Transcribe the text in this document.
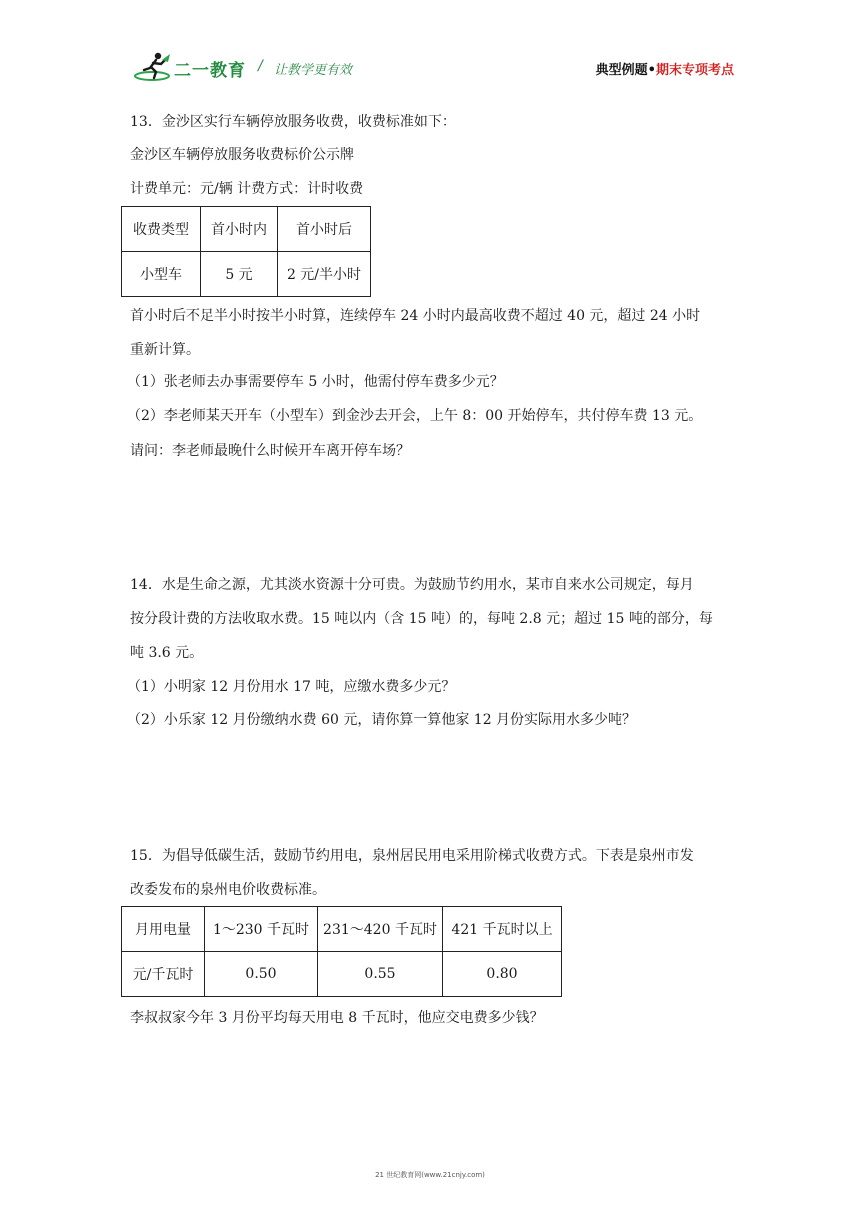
二一教育 / 让教学更有效	典型例题•期末专项考点
13．金沙区实行车辆停放服务收费，收费标准如下：
金沙区车辆停放服务收费标价公示牌
计费单元：元/辆 计费方式：计时收费
收费类型	首小时内	首小时后
小型车	5 元	2 元/半小时
首小时后不足半小时按半小时算，连续停车 24 小时内最高收费不超过 40 元，超过 24 小时
重新计算。
（1）张老师去办事需要停车 5 小时，他需付停车费多少元？
（2）李老师某天开车（小型车）到金沙去开会，上午 8：00 开始停车，共付停车费 13 元。
请问：李老师最晚什么时候开车离开停车场？
14．水是生命之源，尤其淡水资源十分可贵。为鼓励节约用水，某市自来水公司规定，每月
按分段计费的方法收取水费。15 吨以内（含 15 吨）的，每吨 2.8 元；超过 15 吨的部分，每
吨 3.6 元。
（1）小明家 12 月份用水 17 吨，应缴水费多少元？
（2）小乐家 12 月份缴纳水费 60 元，请你算一算他家 12 月份实际用水多少吨？
15．为倡导低碳生活，鼓励节约用电，泉州居民用电采用阶梯式收费方式。下表是泉州市发
改委发布的泉州电价收费标准。
月用电量	1～230 千瓦时	231～420 千瓦时	421 千瓦时以上
元/千瓦时	0.50	0.55	0.80
李叔叔家今年 3 月份平均每天用电 8 千瓦时，他应交电费多少钱？
21 世纪教育网(www.21cnjy.com)
